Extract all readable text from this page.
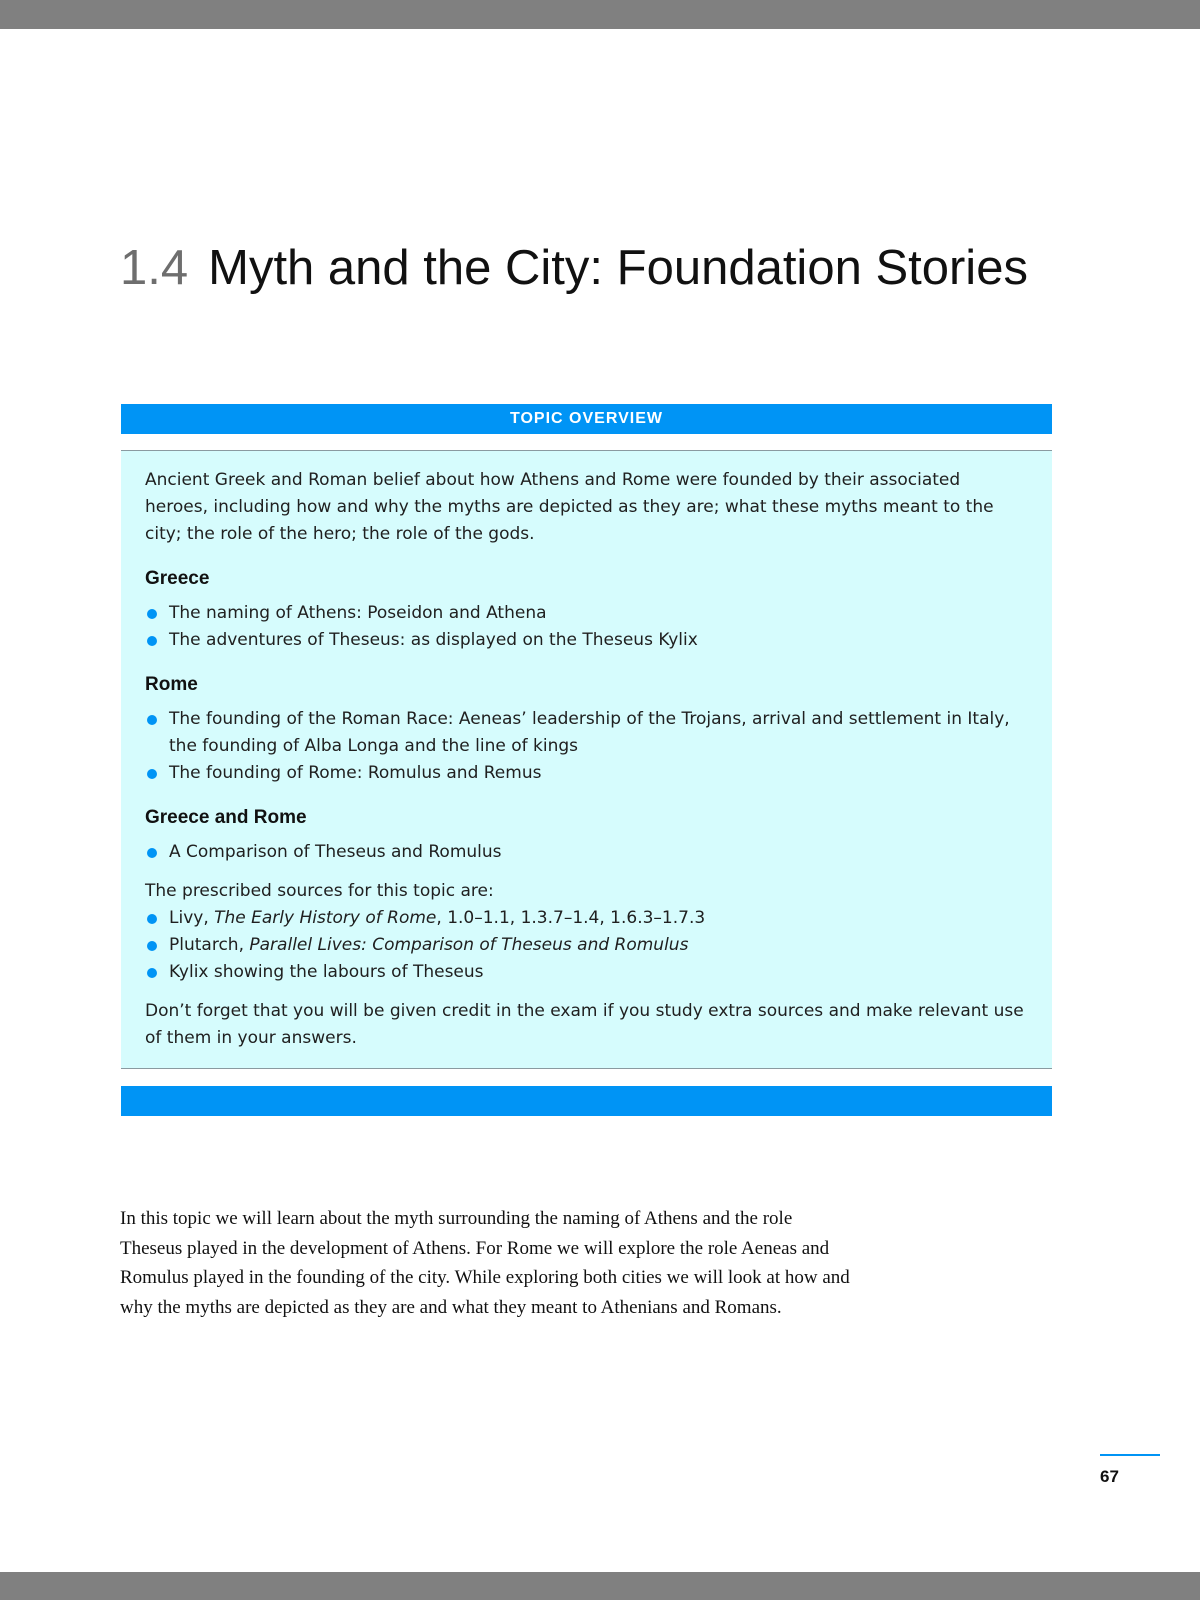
1.4 Myth and the City: Foundation Stories
TOPIC OVERVIEW

Ancient Greek and Roman belief about how Athens and Rome were founded by their associated heroes, including how and why the myths are depicted as they are; what these myths meant to the city; the role of the hero; the role of the gods.

Greece
The naming of Athens: Poseidon and Athena
The adventures of Theseus: as displayed on the Theseus Kylix
Rome
The founding of the Roman Race: Aeneas’ leadership of the Trojans, arrival and settlement in Italy, the founding of Alba Longa and the line of kings
The founding of Rome: Romulus and Remus
Greece and Rome
A Comparison of Theseus and Romulus

The prescribed sources for this topic are:

Livy, The Early History of Rome, 1.0–1.1, 1.3.7–1.4, 1.6.3–1.7.3
Plutarch, Parallel Lives: Comparison of Theseus and Romulus
Kylix showing the labours of Theseus

Don’t forget that you will be given credit in the exam if you study extra sources and make relevant use of them in your answers.

In this topic we will learn about the myth surrounding the naming of Athens and the role Theseus played in the development of Athens. For Rome we will explore the role Aeneas and Romulus played in the founding of the city. While exploring both cities we will look at how and why the myths are depicted as they are and what they meant to Athenians and Romans.

67
